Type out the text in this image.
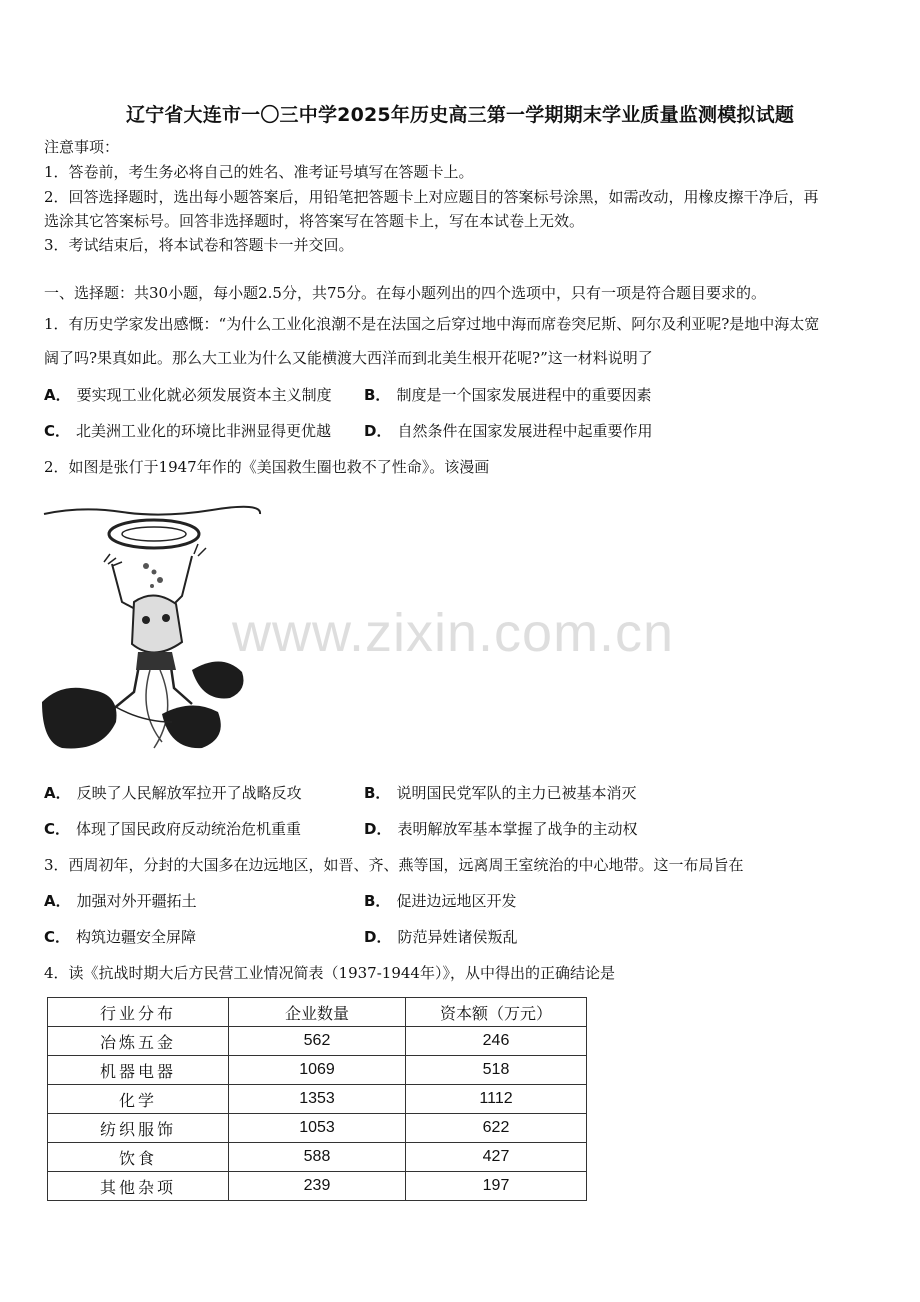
辽宁省大连市一〇三中学2025年历史高三第一学期期末学业质量监测模拟试题
注意事项：
1．答卷前，考生务必将自己的姓名、准考证号填写在答题卡上。
2．回答选择题时，选出每小题答案后，用铅笔把答题卡上对应题目的答案标号涂黑，如需改动，用橡皮擦干净后，再
选涂其它答案标号。回答非选择题时，将答案写在答题卡上，写在本试卷上无效。
3．考试结束后，将本试卷和答题卡一并交回。
一、选择题：共30小题，每小题2.5分，共75分。在每小题列出的四个选项中，只有一项是符合题目要求的。
1．有历史学家发出感慨：“为什么工业化浪潮不是在法国之后穿过地中海而席卷突尼斯、阿尔及利亚呢?是地中海太宽
阔了吗?果真如此。那么大工业为什么又能横渡大西洋而到北美生根开花呢?”这一材料说明了
A． 要实现工业化就必须发展资本主义制度 B． 制度是一个国家发展进程中的重要因素
C． 北美洲工业化的环境比非洲显得更优越 D． 自然条件在国家发展进程中起重要作用
2．如图是张仃于1947年作的《美国救生圈也救不了性命》。该漫画
www.zixin.com.cn
A． 反映了人民解放军拉开了战略反攻	B． 说明国民党军队的主力已被基本消灭
C． 体现了国民政府反动统治危机重重	D． 表明解放军基本掌握了战争的主动权
3．西周初年，分封的大国多在边远地区，如晋、齐、燕等国，远离周王室统治的中心地带。这一布局旨在
A． 加强对外开疆拓土	B． 促进边远地区开发
C． 构筑边疆安全屏障	D． 防范异姓诸侯叛乱
4．读《抗战时期大后方民营工业情况简表（1937-1944年）》，从中得出的正确结论是
行业分布	企业数量	资本额（万元）
冶炼五金	562	246
机器电器	1069	518
化学	1353	1112
纺织服饰	1053	622
饮食	588	427
其他杂项	239	197
